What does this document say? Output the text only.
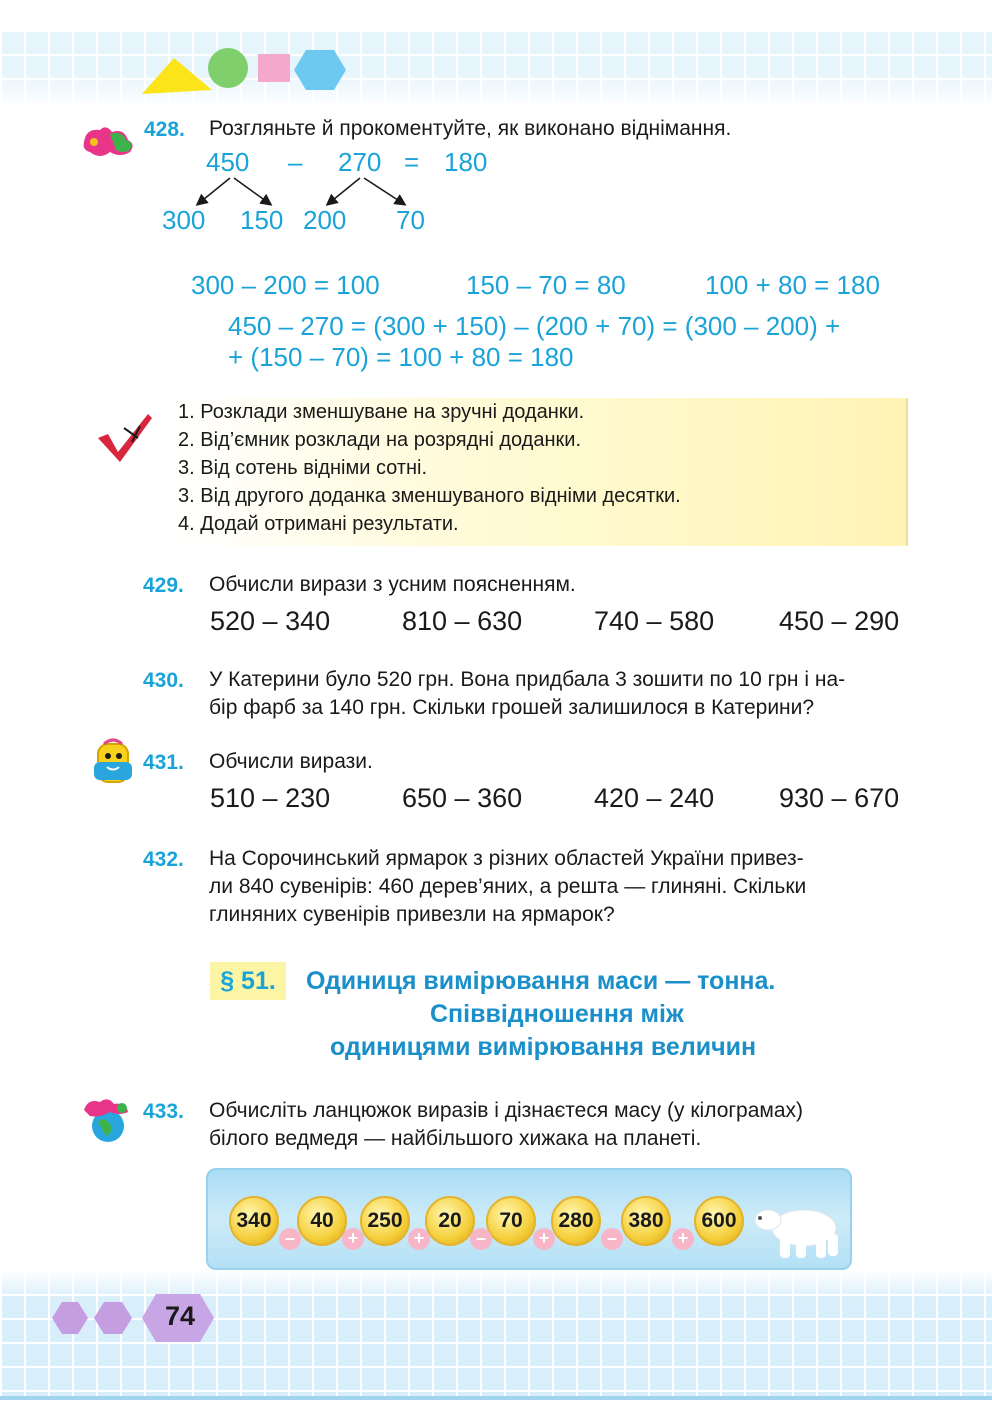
428. Розгляньте й прокоментуйте, як виконано віднімання.
450 – 270 = 180
300 150 200 70
300 – 200 = 100	150 – 70 = 80	100 + 80 = 180
450 – 270 = (300 + 150) – (200 + 70) = (300 – 200) +
+ (150 – 70) = 100 + 80 = 180
1. Розклади зменшуване на зручні доданки.
2. Від’ємник розклади на розрядні доданки.
3. Від сотень відніми сотні.
3. Від другого доданка зменшуваного відніми десятки.
4. Додай отримані результати.
429. Обчисли вирази з усним поясненням.
520 – 340	810 – 630	740 – 580 450 – 290
430. У Катерини було 520 грн. Вона придбала 3 зошити по 10 грн і на-
бір фарб за 140 грн. Скільки грошей залишилося в Катерини?
431. Обчисли вирази.
510 – 230	650 – 360	420 – 240 930 – 670
432. На Сорочинський ярмарок з різних областей України привез-
ли 840 сувенірів: 460 дерев’яних, а решта — глиняні. Скільки
глиняних сувенірів привезли на ярмарок?
§ 51.	Одиниця вимірювання маси — тонна.
Співвідношення між
одиницями вимірювання величин
433. Обчисліть ланцюжок виразів і дізнаєтеся масу (у кілограмах)
білого ведмедя — найбільшого хижака на планеті.
340	40	250	20	70	280	380	600
–	+	+	–	+	–	+
74
